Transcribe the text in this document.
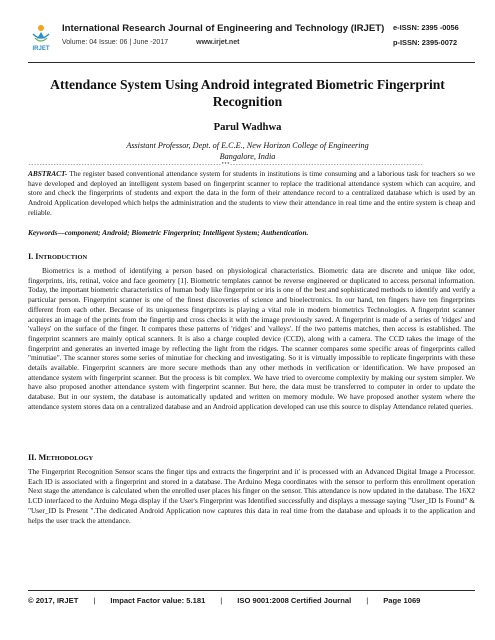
IRJET
International Research Journal of Engineering and Technology (IRJET)
Volume: 04 Issue: 06 | June -2017	www.irjet.net
e-ISSN: 2395 -0056
p-ISSN: 2395-0072
Attendance System Using Android integrated Biometric Fingerprint Recognition
Parul Wadhwa
Assistant Professor, Dept. of E.C.E., New Horizon College of Engineering
Bangalore, India
---------------------------------------------------------------------***---------------------------------------------------------------------
ABSTRACT- The register based conventional attendance system for students in institutions is time consuming and a laborious task for teachers so we have developed and deployed an intelligent system based on fingerprint scanner to replace the traditional attendance system which can acquire, and store and check the fingerprints of students and export the data in the form of their attendance record to a centralized database which is used by an Android Application developed which helps the administration and the students to view their attendance in real time and the entire system is cheap and reliable.
Keywords—component; Android; Biometric Fingerprint; Intelligent System; Authentication.
I. INTRODUCTION
Biometrics is a method of identifying a person based on physiological characteristics. Biometric data are discrete and unique like odor, fingerprints, iris, retinal, voice and face geometry [1]. Biometric templates cannot be reverse engineered or duplicated to access personal information. Today, the important biometric characteristics of human body like fingerprint or iris is one of the best and sophisticated methods to identify and verify a particular person. Fingerprint scanner is one of the finest discoveries of science and bioelectronics. In our hand, ten fingers have ten fingerprints different from each other. Because of its uniqueness fingerprints is playing a vital role in modern biometrics Technologies. A fingerprint scanner acquires an image of the prints from the fingertip and cross checks it with the image previously saved. A fingerprint is made of a series of 'ridges' and 'valleys' on the surface of the finger. It compares these patterns of 'ridges' and 'valleys'. If the two patterns matches, then access is established. The fingerprint scanners are mainly optical scanners. It is also a charge coupled device (CCD), along with a camera. The CCD takes the image of the fingerprint and generates an inverted image by reflecting the light from the ridges. The scanner compares some specific areas of fingerprints called "minutiae". The scanner stores some series of minutiae for checking and investigating. So it is virtually impossible to replicate fingerprints with these details available. Fingerprint scanners are more secure methods than any other methods in verification or identification. We have proposed an attendance system with fingerprint scanner. But the process is bit complex. We have tried to overcome complexity by making our system simpler. We have also proposed another attendance system with fingerprint scanner. But here, the data must be transferred to computer in order to update the database. But in our system, the database is automatically updated and written on memory module. We have proposed another system where the attendance system stores data on a centralized database and an Android application developed can use this source to display Attendance related queries.
II. METHODOLOGY
The Fingerprint Recognition Sensor scans the finger tips and extracts the fingerprint and it' is processed with an Advanced Digital Image a Processor. Each ID is associated with a fingerprint and stored in a database. The Arduino Mega coordinates with the sensor to perform this enrollment operation Next stage the attendance is calculated when the enrolled user places his finger on the sensor. This attendance is now updated in the database. The 16X2 LCD interfaced to the Arduino Mega display if the User's Fingerprint was Identified successfully and displays a message saying "User_ID Is Found" & "User_ID Is Present ".The dedicated Android Application now captures this data in real time from the database and uploads it to the application and helps the user track the attendance.
© 2017, IRJET | Impact Factor value: 5.181 | ISO 9001:2008 Certified Journal | Page 1069
